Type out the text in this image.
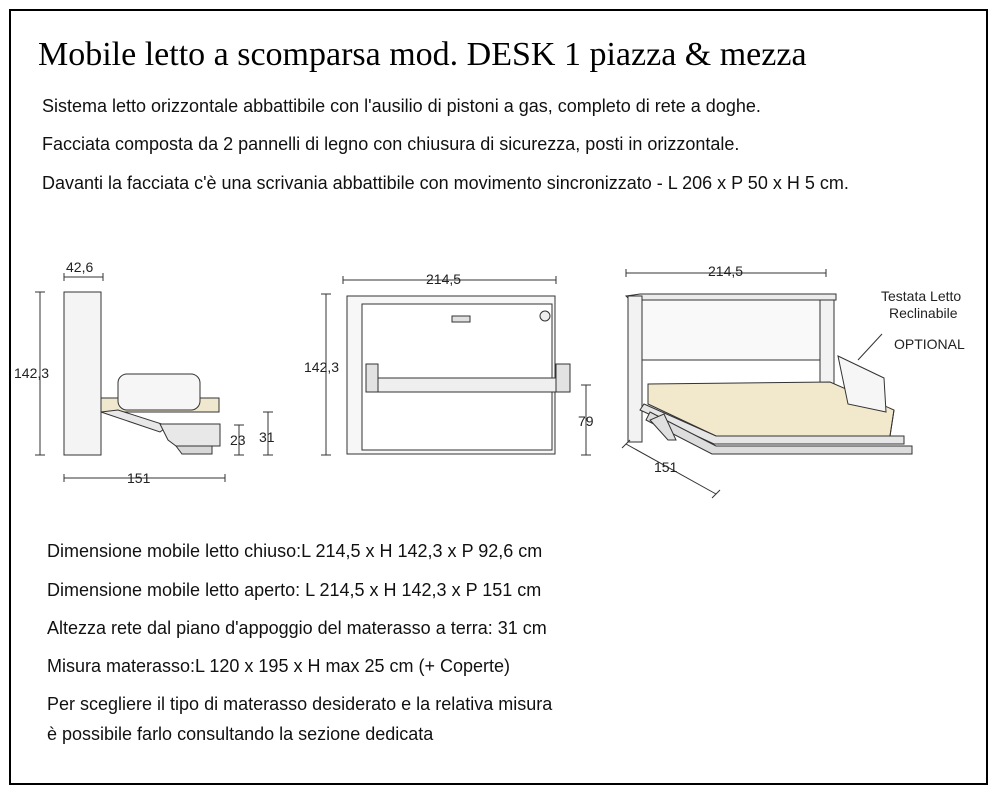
Mobile letto a scomparsa mod. DESK 1 piazza & mezza
Sistema letto orizzontale abbattibile con l'ausilio di pistoni a gas, completo di rete a doghe.
Facciata composta da 2 pannelli di legno con chiusura di sicurezza, posti in orizzontale.
Davanti la facciata c'è una scrivania abbattibile con movimento sincronizzato - L 206 x P 50 x H 5 cm.
42,6
142,3
151
23 31
214,5
142,3
79
214,5
151
Testata Letto
Reclinabile
OPTIONAL
Dimensione mobile letto chiuso:L 214,5 x H 142,3 x P 92,6 cm
Dimensione mobile letto aperto: L 214,5 x H 142,3 x P 151 cm
Altezza rete dal piano d'appoggio del materasso a terra: 31 cm
Misura materasso:L 120 x 195 x H max 25 cm (+ Coperte)
Per scegliere il tipo di materasso desiderato e la relativa misura
è possibile farlo consultando la sezione dedicata
